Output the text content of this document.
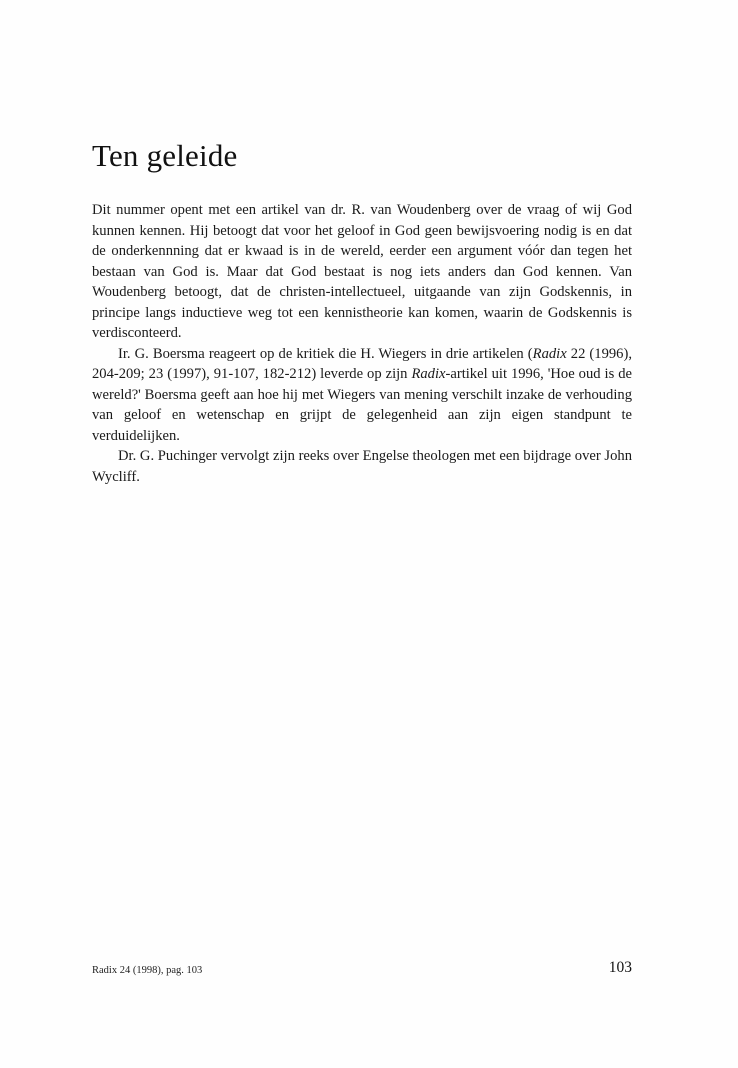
Ten geleide

Dit nummer opent met een artikel van dr. R. van Woudenberg over de vraag of wij God kunnen kennen. Hij betoogt dat voor het geloof in God geen bewijsvoering nodig is en dat de onderkennning dat er kwaad is in de wereld, eerder een argument vóór dan tegen het bestaan van God is. Maar dat God bestaat is nog iets anders dan God kennen. Van Woudenberg betoogt, dat de christen-intellectueel, uitgaande van zijn Godskennis, in principe langs inductieve weg tot een kennistheorie kan komen, waarin de Godskennis is verdisconteerd.

Ir. G. Boersma reageert op de kritiek die H. Wiegers in drie artikelen (Radix 22 (1996), 204-209; 23 (1997), 91-107, 182-212) leverde op zijn Radix-artikel uit 1996, 'Hoe oud is de wereld?' Boersma geeft aan hoe hij met Wiegers van mening verschilt inzake de verhouding van geloof en wetenschap en grijpt de gelegenheid aan zijn eigen standpunt te verduidelijken.

Dr. G. Puchinger vervolgt zijn reeks over Engelse theologen met een bijdrage over John Wycliff.

Radix 24 (1998), pag. 103	103
